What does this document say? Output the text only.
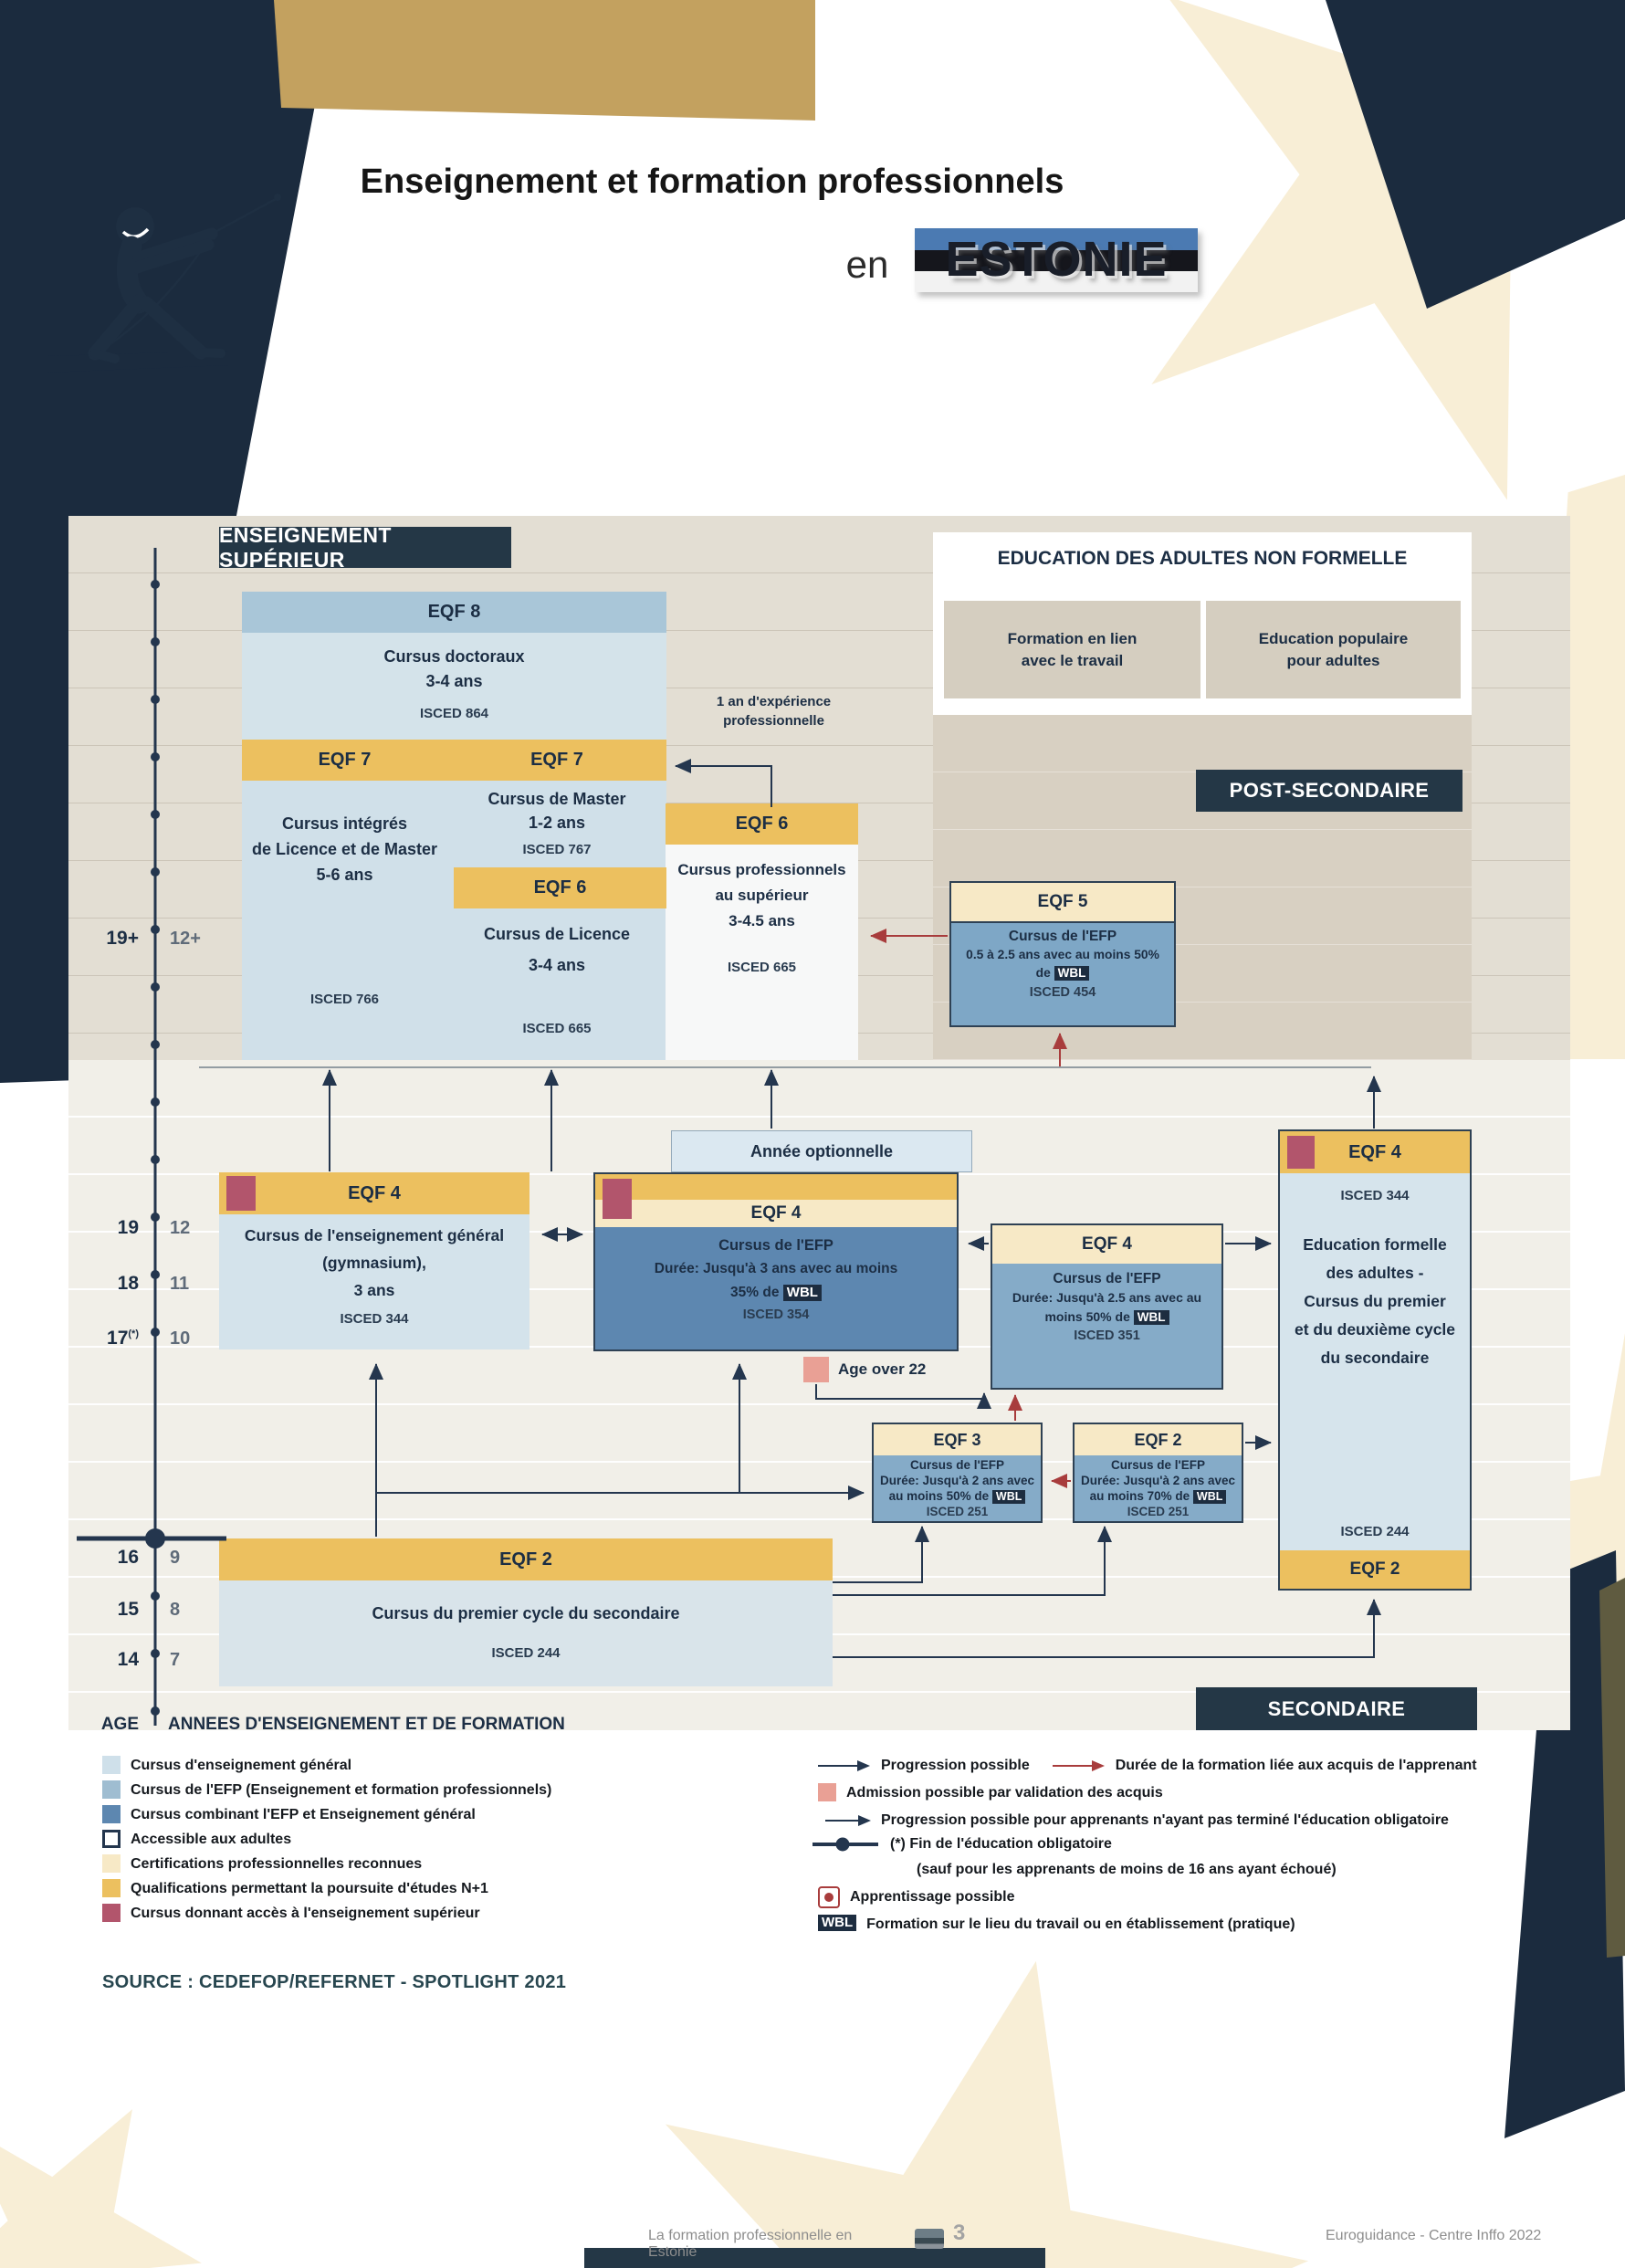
Enseignement et formation professionnels
en	ESTONIE
ENSEIGNEMENT SUPÉRIEUR
POST-SECONDAIRE
SECONDAIRE
EDUCATION DES ADULTES NON FORMELLE
Formation en lien
avec le travail
Education populaire
pour adultes
EQF 8
Cursus doctoraux
3-4 ans
ISCED 864
EQF 7	EQF 7
Cursus intégrés
de Licence et de Master
5-6 ans
ISCED 766
Cursus de Master
1-2 ans
ISCED 767
EQF 6
Cursus de Licence
3-4 ans
ISCED 665
EQF 6
Cursus professionnels
au supérieur
3-4.5 ans
ISCED 665
1 an d'expérience
professionnelle
EQF 5
Cursus de l'EFP
0.5 à 2.5 ans avec au moins 50%
de WBL
ISCED 454
Année optionnelle
EQF 4
Cursus de l'enseignement général
(gymnasium),
3 ans
ISCED 344
EQF 4
Cursus de l'EFP
Durée: Jusqu'à 3 ans avec au moins
35% de WBL
ISCED 354
EQF 4
Cursus de l'EFP
Durée: Jusqu'à 2.5 ans avec au
moins 50% de WBL
ISCED 351
Age over 22
EQF 3
Cursus de l'EFP
Durée: Jusqu'à 2 ans avec
au moins 50% de WBL
ISCED 251
EQF 2
Cursus de l'EFP
Durée: Jusqu'à 2 ans avec
au moins 70% de WBL
ISCED 251
EQF 4
ISCED 344
Education formelle
des adultes -
Cursus du premier
et du deuxième cycle
du secondaire
ISCED 244
EQF 2
EQF 2
Cursus du premier cycle du secondaire
ISCED 244
19+ 12+
19 12
18 11
17(*) 10
16 9
15 8
14 7
AGE ANNEES D'ENSEIGNEMENT ET DE FORMATION
Cursus d'enseignement général
Cursus de l'EFP (Enseignement et formation professionnels)
Cursus combinant l'EFP et Enseignement général
Accessible aux adultes
Certifications professionnelles reconnues
Qualifications permettant la poursuite d'études N+1
Cursus donnant accès à l'enseignement supérieur
Progression possible	Durée de la formation liée aux acquis de l'apprenant
Admission possible par validation des acquis
Progression possible pour apprenants n'ayant pas terminé l'éducation obligatoire
(*) Fin de l'éducation obligatoire
(sauf pour les apprenants de moins de 16 ans ayant échoué)
Apprentissage possible
WBL Formation sur le lieu du travail ou en établissement (pratique)
SOURCE : CEDEFOP/REFERNET - SPOTLIGHT 2021
La formation professionnelle en Estonie
3	Euroguidance - Centre Inffo 2022
